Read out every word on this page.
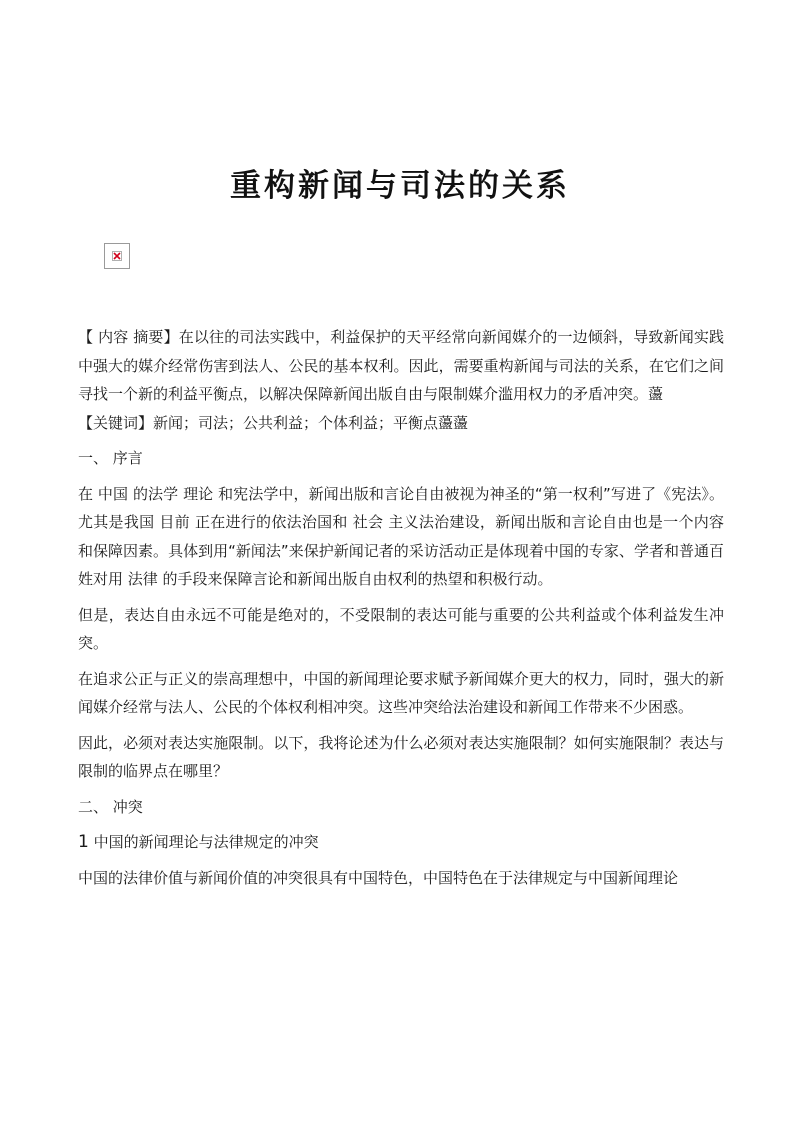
重构新闻与司法的关系

【 内容 摘要】在以往的司法实践中，利益保护的天平经常向新闻媒介的一边倾斜，导致新闻实践中强大的媒介经常伤害到法人、公民的基本权利。因此，需要重构新闻与司法的关系，在它们之间寻找一个新的利益平衡点，以解决保障新闻出版自由与限制媒介滥用权力的矛盾冲突。蘯

【关键词】新闻；司法；公共利益；个体利益；平衡点蘯蘯

一、 序言

在 中国 的法学 理论 和宪法学中，新闻出版和言论自由被视为神圣的“第一权利”写进了《宪法》。尤其是我国 目前 正在进行的依法治国和 社会 主义法治建设，新闻出版和言论自由也是一个内容和保障因素。具体到用“新闻法”来保护新闻记者的采访活动正是体现着中国的专家、学者和普通百姓对用 法律 的手段来保障言论和新闻出版自由权利的热望和积极行动。

但是，表达自由永远不可能是绝对的，不受限制的表达可能与重要的公共利益或个体利益发生冲突。

在追求公正与正义的崇高理想中，中国的新闻理论要求赋予新闻媒介更大的权力，同时，强大的新闻媒介经常与法人、公民的个体权利相冲突。这些冲突给法治建设和新闻工作带来不少困惑。

因此，必须对表达实施限制。以下，我将论述为什么必须对表达实施限制？如何实施限制？表达与限制的临界点在哪里？

二、 冲突

1 中国的新闻理论与法律规定的冲突

中国的法律价值与新闻价值的冲突很具有中国特色，中国特色在于法律规定与中国新闻理论
